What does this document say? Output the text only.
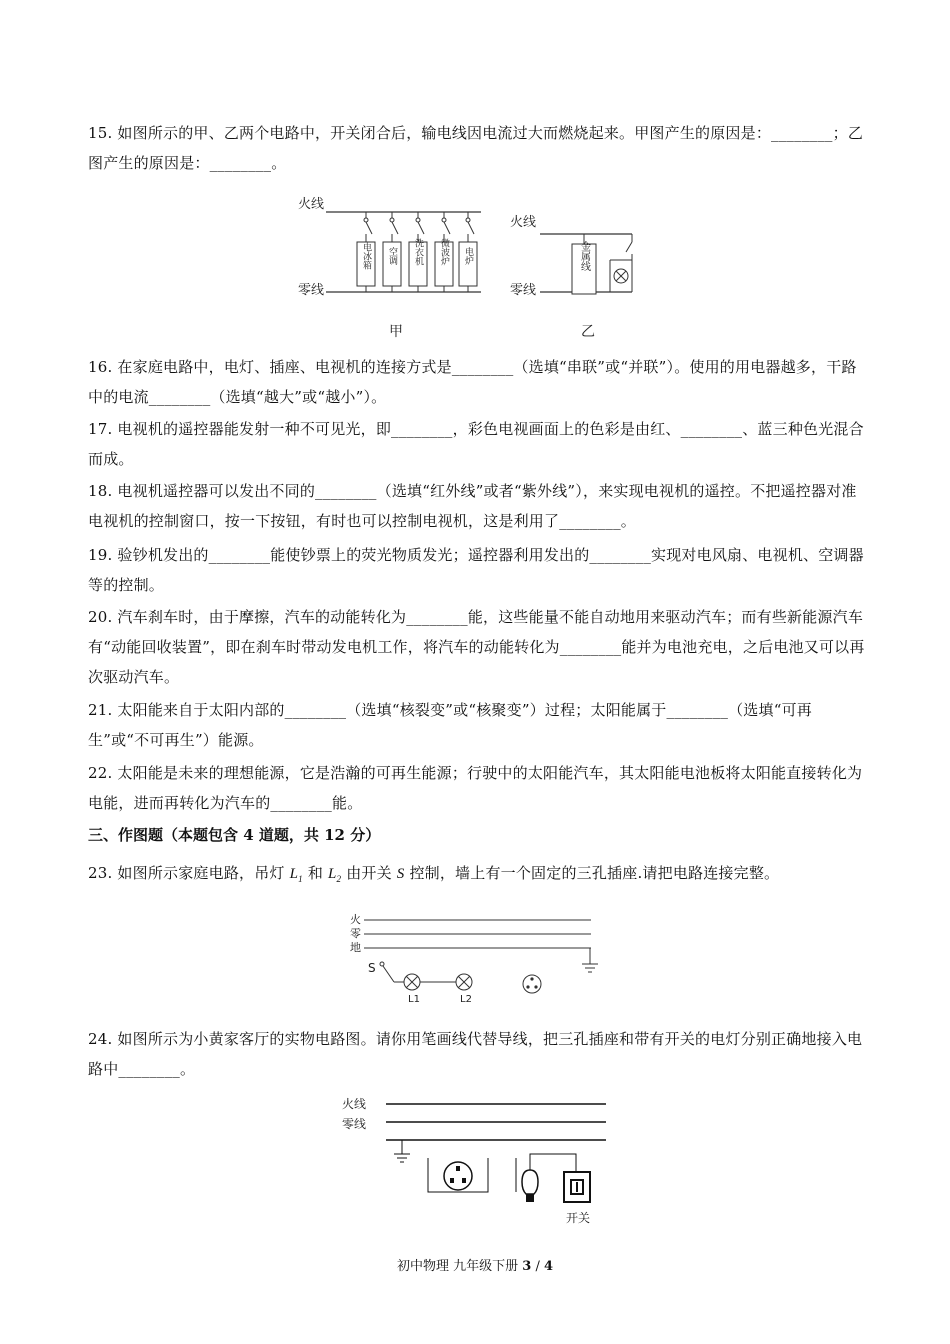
15. 如图所示的甲、乙两个电路中，开关闭合后，输电线因电流过大而燃烧起来。甲图产生的原因是：________；乙图产生的原因是：________。

火线
零线
电冰箱 空调 洗衣机 微波炉 电炉
甲
火线
零线
金属线
乙

16. 在家庭电路中，电灯、插座、电视机的连接方式是________（选填“串联”或“并联”）。使用的用电器越多，干路中的电流________（选填“越大”或“越小”）。

17. 电视机的遥控器能发射一种不可见光，即________，彩色电视画面上的色彩是由红、________、蓝三种色光混合而成。

18. 电视机遥控器可以发出不同的________（选填“红外线”或者“紫外线”），来实现电视机的遥控。不把遥控器对准电视机的控制窗口，按一下按钮，有时也可以控制电视机，这是利用了________。

19. 验钞机发出的________能使钞票上的荧光物质发光；遥控器利用发出的________实现对电风扇、电视机、空调器等的控制。

20. 汽车刹车时，由于摩擦，汽车的动能转化为________能，这些能量不能自动地用来驱动汽车；而有些新能源汽车有“动能回收装置”，即在刹车时带动发电机工作，将汽车的动能转化为________能并为电池充电，之后电池又可以再次驱动汽车。

21. 太阳能来自于太阳内部的________（选填“核裂变”或“核聚变”）过程；太阳能属于________（选填“可再生”或“不可再生”）能源。

22. 太阳能是未来的理想能源，它是浩瀚的可再生能源；行驶中的太阳能汽车，其太阳能电池板将太阳能直接转化为电能，进而再转化为汽车的________能。

三、作图题（本题包含 4 道题，共 12 分）

23. 如图所示家庭电路，吊灯 $L_1$ 和 $L_2$ 由开关 S 控制，墙上有一个固定的三孔插座.请把电路连接完整。

火
零
地
S
L1	L2

24. 如图所示为小黄家客厅的实物电路图。请你用笔画线代替导线，把三孔插座和带有开关的电灯分别正确地接入电路中________。

火线
零线
开关
初中物理 九年级下册 3 / 4
